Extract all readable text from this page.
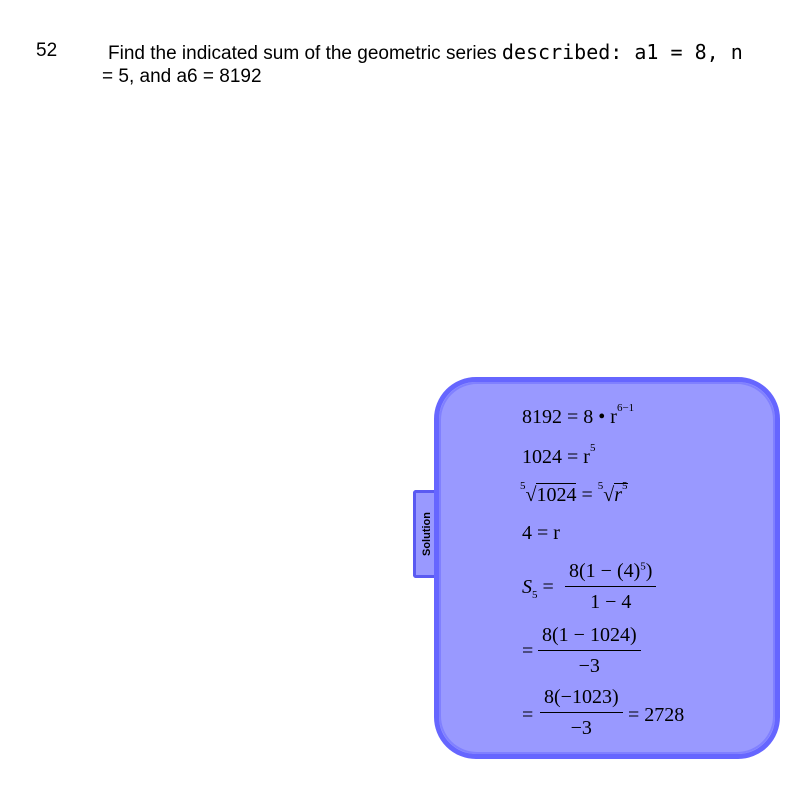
52	Find the indicated sum of the geometric series described: a1 = 8, n
= 5, and a6 = 8192
Solution
8192 = 8 • $r^{6-1}$
$1024 = r^5$
$^5√1024 = ^5√r^5$
4 = r
$S_5 = \frac{8(1 - (4)^5)}{1 - 4}$
= $\frac{8(1 - 1024)}{-3}$
= $\frac{8(-1023)}{-3} = 2728$
